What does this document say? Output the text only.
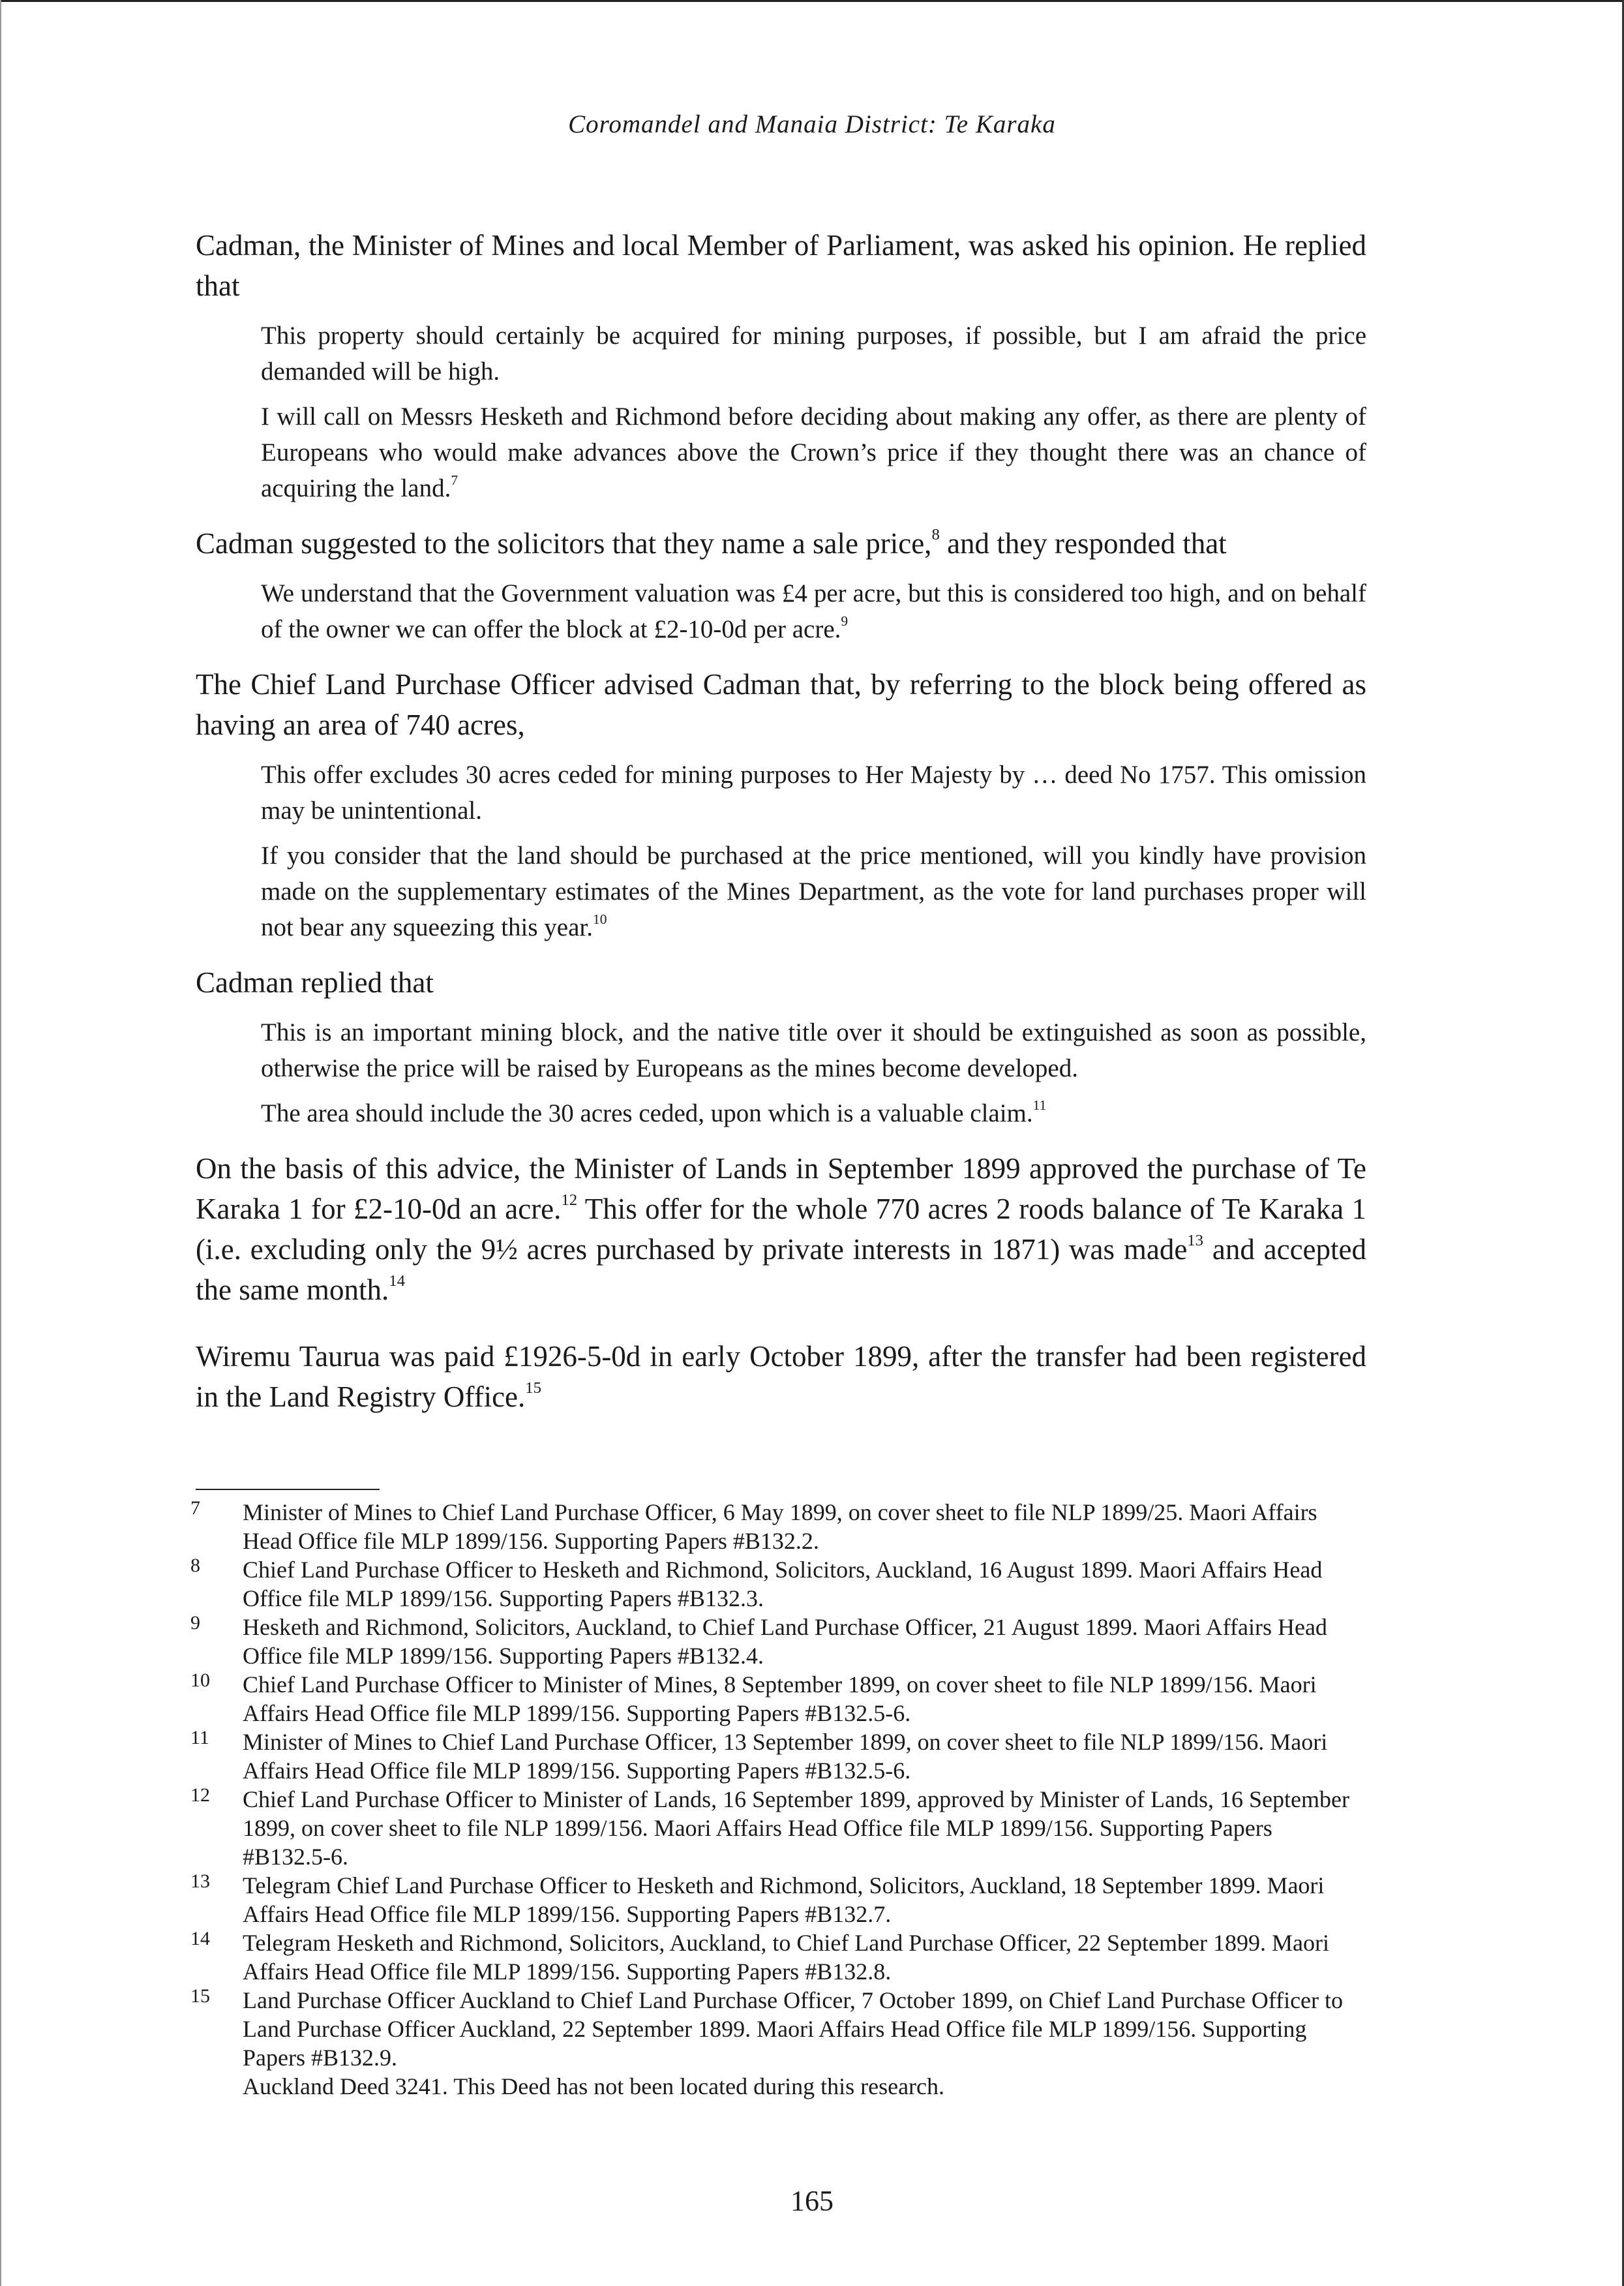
Coromandel and Manaia District: Te Karaka

Cadman, the Minister of Mines and local Member of Parliament, was asked his opinion. He replied that

This property should certainly be acquired for mining purposes, if possible, but I am afraid the price demanded will be high.

I will call on Messrs Hesketh and Richmond before deciding about making any offer, as there are plenty of Europeans who would make advances above the Crown’s price if they thought there was an chance of acquiring the land.$^7$

Cadman suggested to the solicitors that they name a sale price,$^8$ and they responded that

We understand that the Government valuation was £4 per acre, but this is considered too high, and on behalf of the owner we can offer the block at £2-10-0d per acre.$^9$

The Chief Land Purchase Officer advised Cadman that, by referring to the block being offered as having an area of 740 acres,

This offer excludes 30 acres ceded for mining purposes to Her Majesty by … deed No 1757. This omission may be unintentional.

If you consider that the land should be purchased at the price mentioned, will you kindly have provision made on the supplementary estimates of the Mines Department, as the vote for land purchases proper will not bear any squeezing this year.$^{10}$

Cadman replied that

This is an important mining block, and the native title over it should be extinguished as soon as possible, otherwise the price will be raised by Europeans as the mines become developed.

The area should include the 30 acres ceded, upon which is a valuable claim.$^{11}$

On the basis of this advice, the Minister of Lands in September 1899 approved the purchase of Te Karaka 1 for £2-10-0d an acre.$^{12}$ This offer for the whole 770 acres 2 roods balance of Te Karaka 1 (i.e. excluding only the 9½ acres purchased by private interests in 1871) was made$^{13}$ and accepted the same month.$^{14}$

Wiremu Taurua was paid £1926-5-0d in early October 1899, after the transfer had been registered in the Land Registry Office.$^{15}$

7 Minister of Mines to Chief Land Purchase Officer, 6 May 1899, on cover sheet to file NLP 1899/25. Maori Affairs Head Office file MLP 1899/156. Supporting Papers #B132.2.

8 Chief Land Purchase Officer to Hesketh and Richmond, Solicitors, Auckland, 16 August 1899. Maori Affairs Head Office file MLP 1899/156. Supporting Papers #B132.3.

9 Hesketh and Richmond, Solicitors, Auckland, to Chief Land Purchase Officer, 21 August 1899. Maori Affairs Head Office file MLP 1899/156. Supporting Papers #B132.4.

10 Chief Land Purchase Officer to Minister of Mines, 8 September 1899, on cover sheet to file NLP 1899/156. Maori Affairs Head Office file MLP 1899/156. Supporting Papers #B132.5-6.

11 Minister of Mines to Chief Land Purchase Officer, 13 September 1899, on cover sheet to file NLP 1899/156. Maori Affairs Head Office file MLP 1899/156. Supporting Papers #B132.5-6.

12 Chief Land Purchase Officer to Minister of Lands, 16 September 1899, approved by Minister of Lands, 16 September 1899, on cover sheet to file NLP 1899/156. Maori Affairs Head Office file MLP 1899/156. Supporting Papers #B132.5-6.

13 Telegram Chief Land Purchase Officer to Hesketh and Richmond, Solicitors, Auckland, 18 September 1899. Maori Affairs Head Office file MLP 1899/156. Supporting Papers #B132.7.

14 Telegram Hesketh and Richmond, Solicitors, Auckland, to Chief Land Purchase Officer, 22 September 1899. Maori Affairs Head Office file MLP 1899/156. Supporting Papers #B132.8.

15 Land Purchase Officer Auckland to Chief Land Purchase Officer, 7 October 1899, on Chief Land Purchase Officer to Land Purchase Officer Auckland, 22 September 1899. Maori Affairs Head Office file MLP 1899/156. Supporting Papers #B132.9.

Auckland Deed 3241. This Deed has not been located during this research.

165
